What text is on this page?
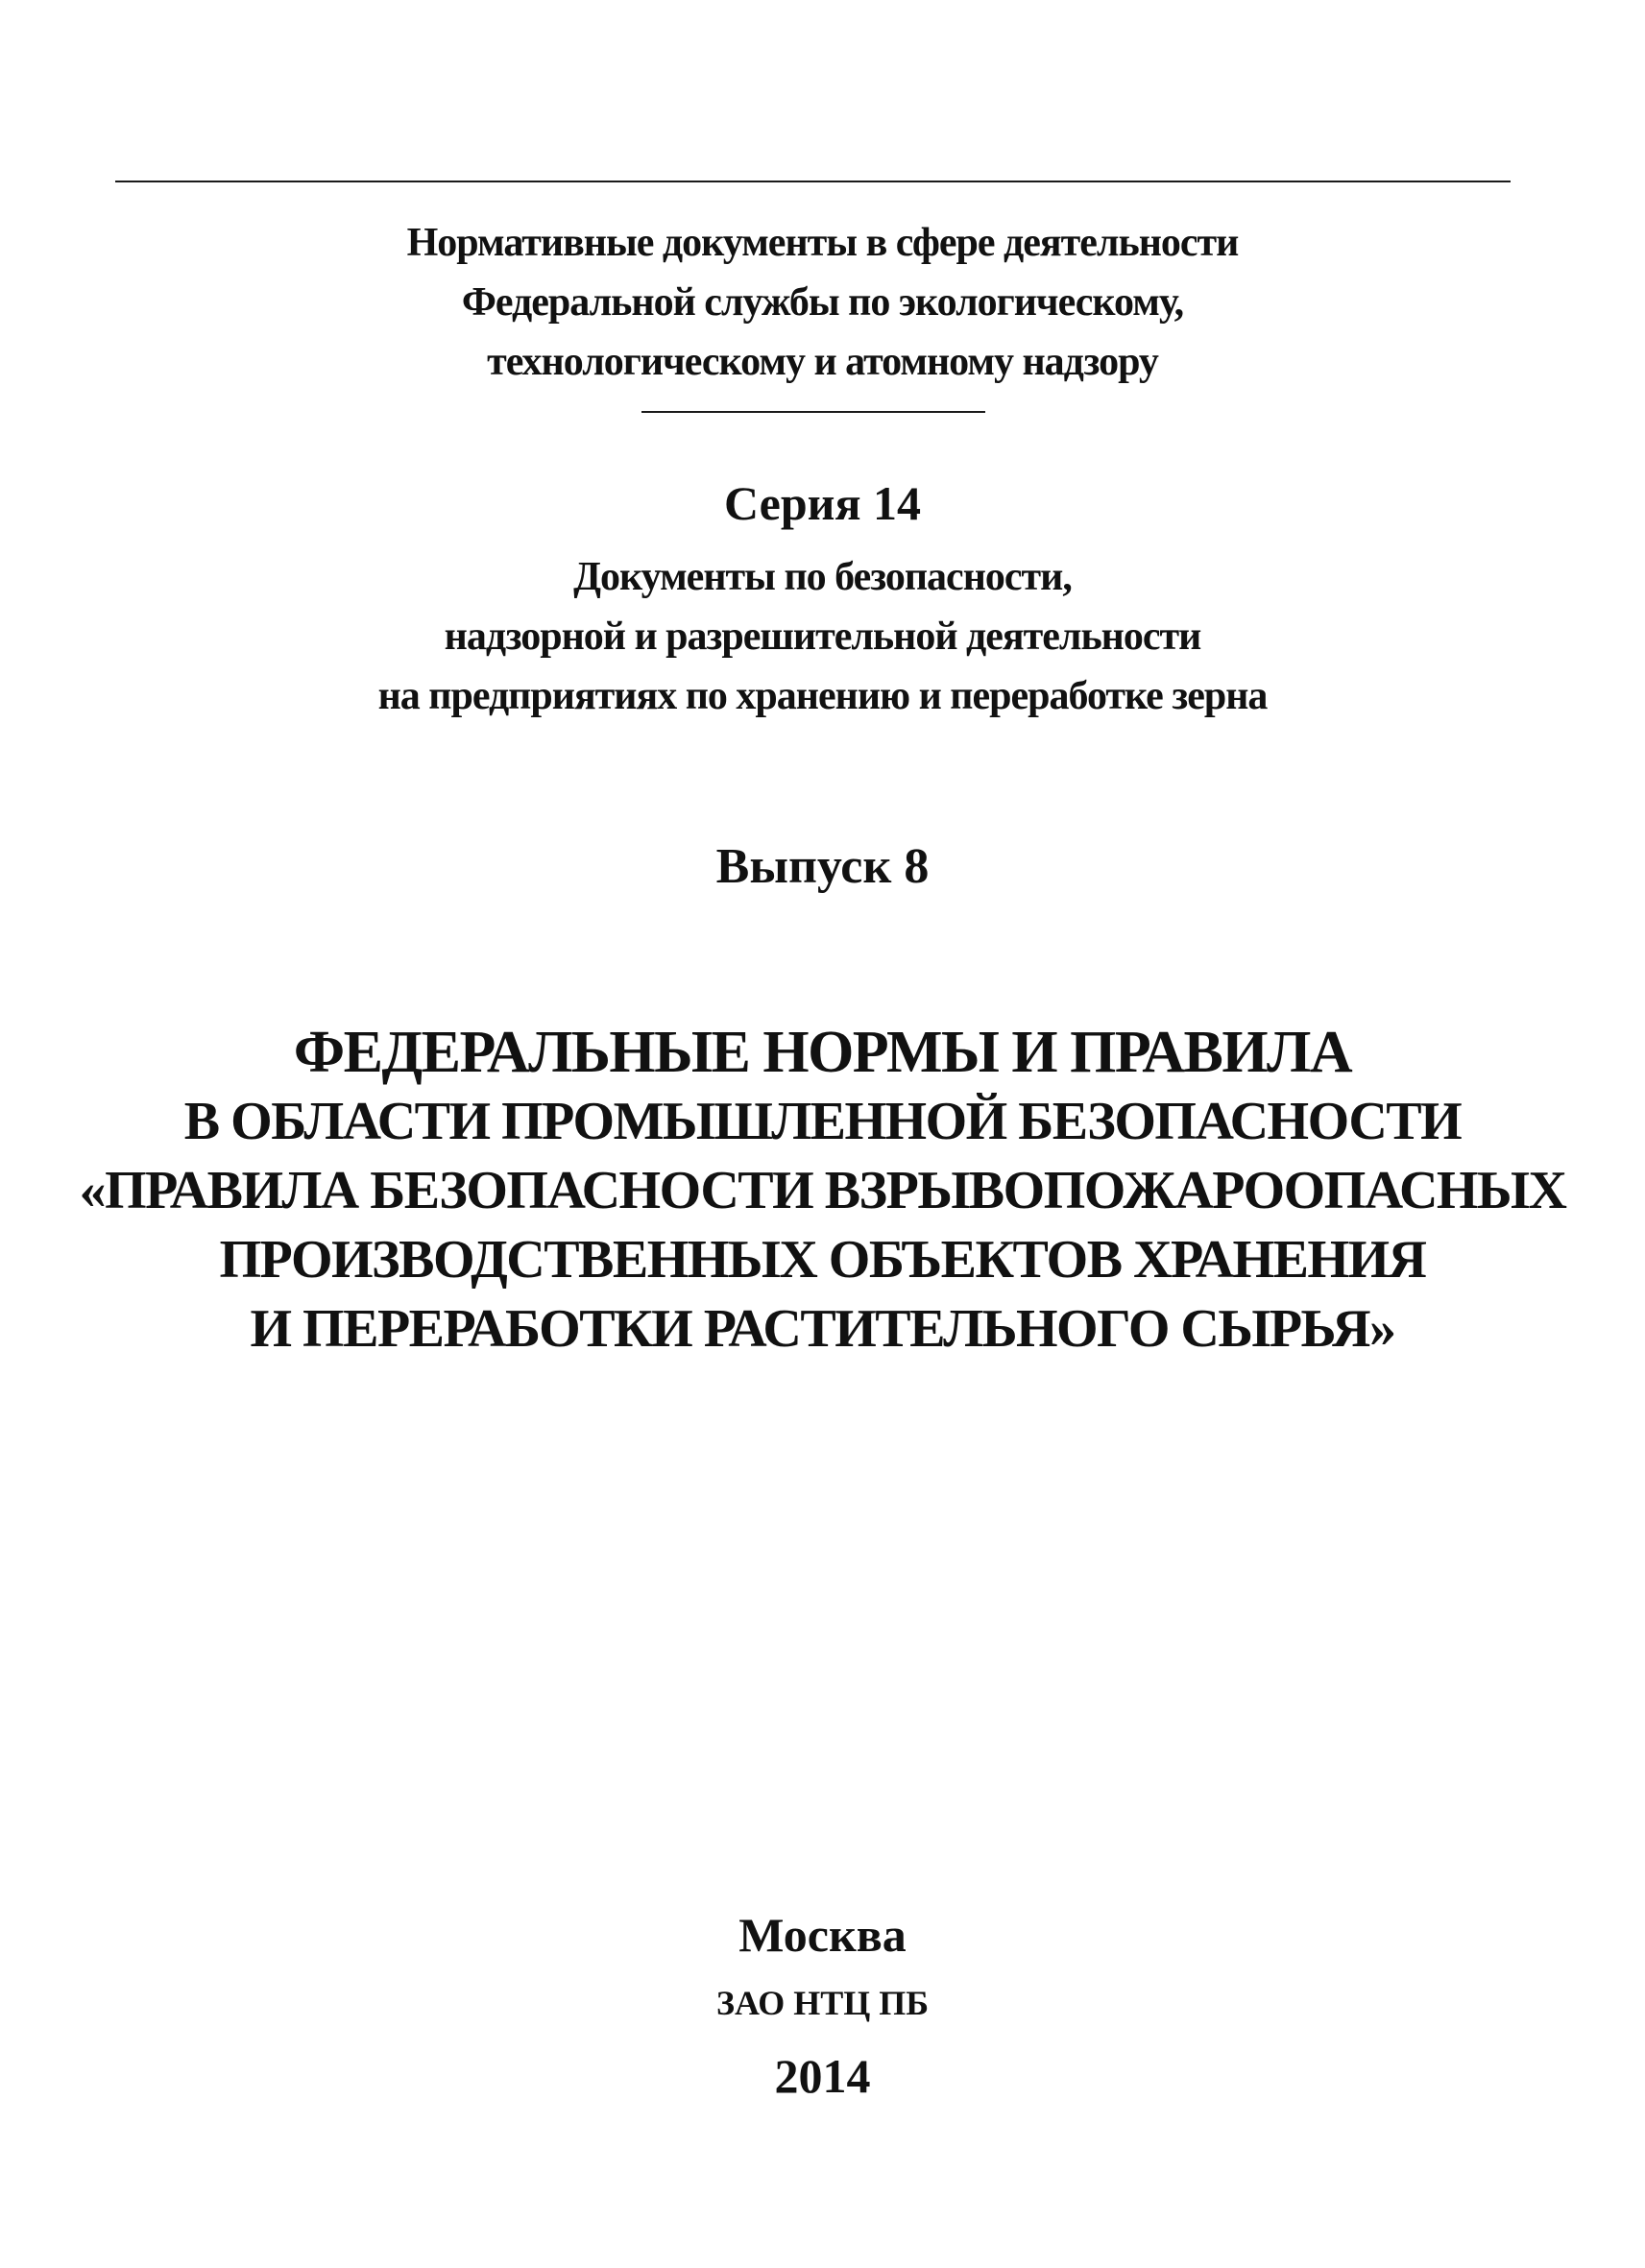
Нормативные документы в сфере деятельности
Федеральной службы по экологическому,
технологическому и атомному надзору
Серия 14
Документы по безопасности,
надзорной и разрешительной деятельности
на предприятиях по хранению и переработке зерна
Выпуск 8
ФЕДЕРАЛЬНЫЕ НОРМЫ И ПРАВИЛА
В ОБЛАСТИ ПРОМЫШЛЕННОЙ БЕЗОПАСНОСТИ
«ПРАВИЛА БЕЗОПАСНОСТИ ВЗРЫВОПОЖАРООПАСНЫХ
ПРОИЗВОДСТВЕННЫХ ОБЪЕКТОВ ХРАНЕНИЯ
И ПЕРЕРАБОТКИ РАСТИТЕЛЬНОГО СЫРЬЯ»
Москва
ЗАО НТЦ ПБ
2014
